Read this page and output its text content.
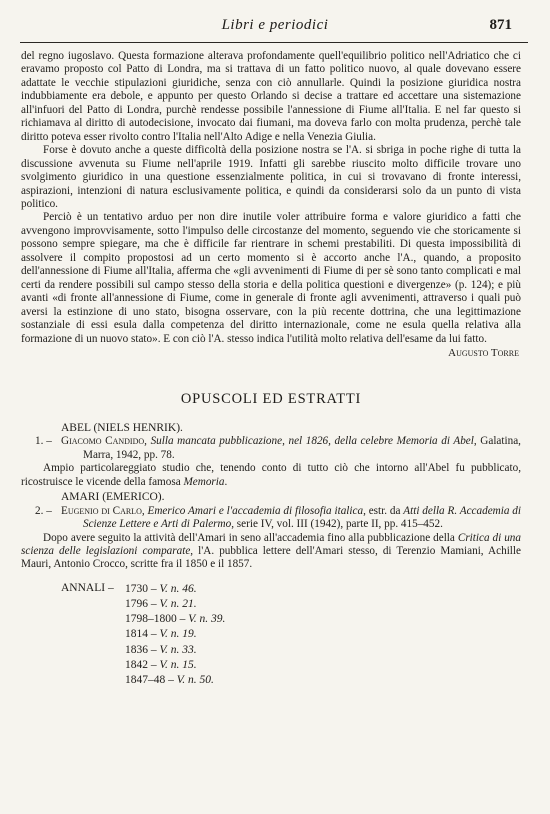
Libri e periodici	871

del regno iugoslavo. Questa formazione alterava profondamente quell'equilibrio politico nell'Adriatico che ci eravamo proposto col Patto di Londra, ma si trattava di un fatto politico nuovo, al quale dovevano essere adattate le vecchie stipulazioni giuridiche, senza con ciò annullarle. Quindi la posizione giuridica nostra indubbiamente era debole, e appunto per questo Orlando si decise a trattare ed accettare una sistemazione all'infuori del Patto di Londra, purchè rendesse possibile l'annessione di Fiume all'Italia. E nel far questo si richiamava al diritto di autodecisione, invocato dai fiumani, ma doveva farlo con molta prudenza, perchè tale diritto poteva esser rivolto contro l'Italia nell'Alto Adige e nella Venezia Giulia.

Forse è dovuto anche a queste difficoltà della posizione nostra se l'A. si sbriga in poche righe di tutta la discussione avvenuta su Fiume nell'aprile 1919. Infatti gli sarebbe riuscito molto difficile trovare uno svolgimento giuridico in una questione essenzialmente politica, in cui si trovavano di fronte interessi, aspirazioni, intenzioni di natura esclusivamente politica, e quindi da considerarsi solo da un punto di vista politico.

Perciò è un tentativo arduo per non dire inutile voler attribuire forma e valore giuridico a fatti che avvengono improvvisamente, sotto l'impulso delle circostanze del momento, seguendo vie che storicamente si possono sempre spiegare, ma che è difficile far rientrare in schemi prestabiliti. Di questa impossibilità di assolvere il compito propostosi ad un certo momento si è accorto anche l'A., quando, a proposito dell'annessione di Fiume all'Italia, afferma che «gli avvenimenti di Fiume di per sè sono tanto complicati e mal certi da rendere possibili sul campo stesso della storia e della politica questioni e divergenze» (p. 124); e più avanti «di fronte all'annessione di Fiume, come in generale di fronte agli avvenimenti, attraverso i quali può aversi la estinzione di uno stato, bisogna osservare, con la più recente dottrina, che una legittimazione sostanziale di essi esula dalla competenza del diritto internazionale, come ne esula quella relativa alla formazione di un nuovo stato». E con ciò l'A. stesso indica l'utilità molto relativa dell'esame da lui fatto.

Augusto Torre
OPUSCOLI ED ESTRATTI
ABEL (NIELS HENRIK).
1. – Giacomo Candido, Sulla mancata pubblicazione, nel 1826, della celebre Memoria di Abel, Galatina, Marra, 1942, pp. 78.

Ampio particolareggiato studio che, tenendo conto di tutto ciò che intorno all'Abel fu pubblicato, ricostruisce le vicende della famosa Memoria.

AMARI (EMERICO).
2. – Eugenio di Carlo, Emerico Amari e l'accademia di filosofia italica, estr. da Atti della R. Accademia di Scienze Lettere e Arti di Palermo, serie IV, vol. III (1942), parte II, pp. 415–452.

Dopo avere seguito la attività dell'Amari in seno all'accademia fino alla pubblicazione della Critica di una scienza delle legislazioni comparate, l'A. pubblica lettere dell'Amari stesso, di Terenzio Mamiani, Achille Mauri, Antonio Crocco, scritte fra il 1850 e il 1857.

ANNALI – 1730 – V. n. 46.
1796 – V. n. 21.
1798–1800 – V. n. 39.
1814 – V. n. 19.
1836 – V. n. 33.
1842 – V. n. 15.
1847–48 – V. n. 50.
